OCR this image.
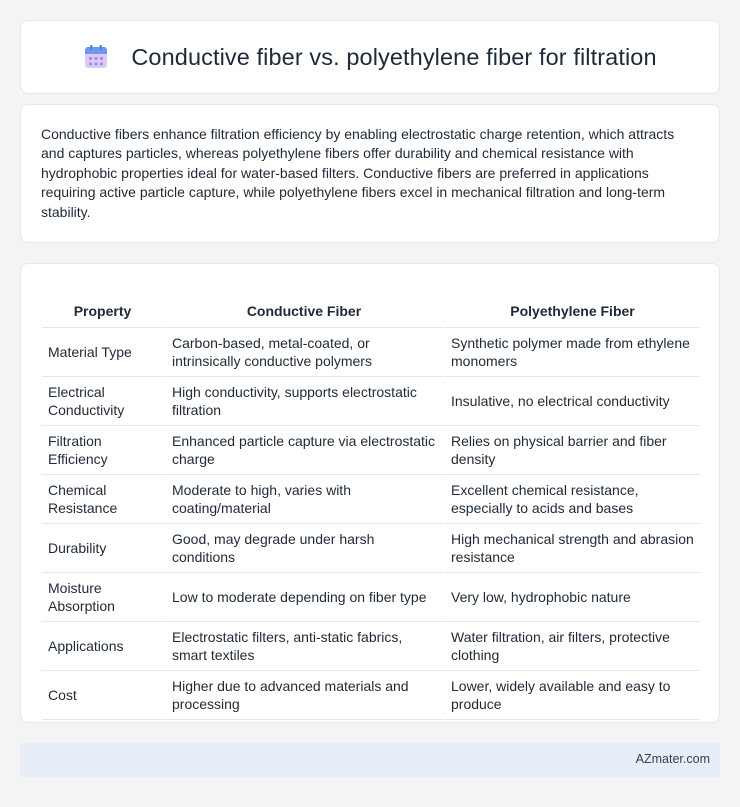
Conductive fiber vs. polyethylene fiber for filtration

Conductive fibers enhance filtration efficiency by enabling electrostatic charge retention, which attracts and captures particles, whereas polyethylene fibers offer durability and chemical resistance with hydrophobic properties ideal for water-based filters. Conductive fibers are preferred in applications requiring active particle capture, while polyethylene fibers excel in mechanical filtration and long-term stability.

Property	Conductive Fiber	Polyethylene Fiber
Material Type	Carbon-based, metal-coated, or intrinsically conductive polymers	Synthetic polymer made from ethylene monomers
Electrical Conductivity	High conductivity, supports electrostatic filtration	Insulative, no electrical conductivity
Filtration Efficiency	Enhanced particle capture via electrostatic charge	Relies on physical barrier and fiber density
Chemical Resistance	Moderate to high, varies with coating/material	Excellent chemical resistance, especially to acids and bases
Durability	Good, may degrade under harsh conditions	High mechanical strength and abrasion resistance
Moisture Absorption	Low to moderate depending on fiber type	Very low, hydrophobic nature
Applications	Electrostatic filters, anti-static fabrics, smart textiles	Water filtration, air filters, protective clothing
Cost	Higher due to advanced materials and processing	Lower, widely available and easy to produce
AZmater.com
